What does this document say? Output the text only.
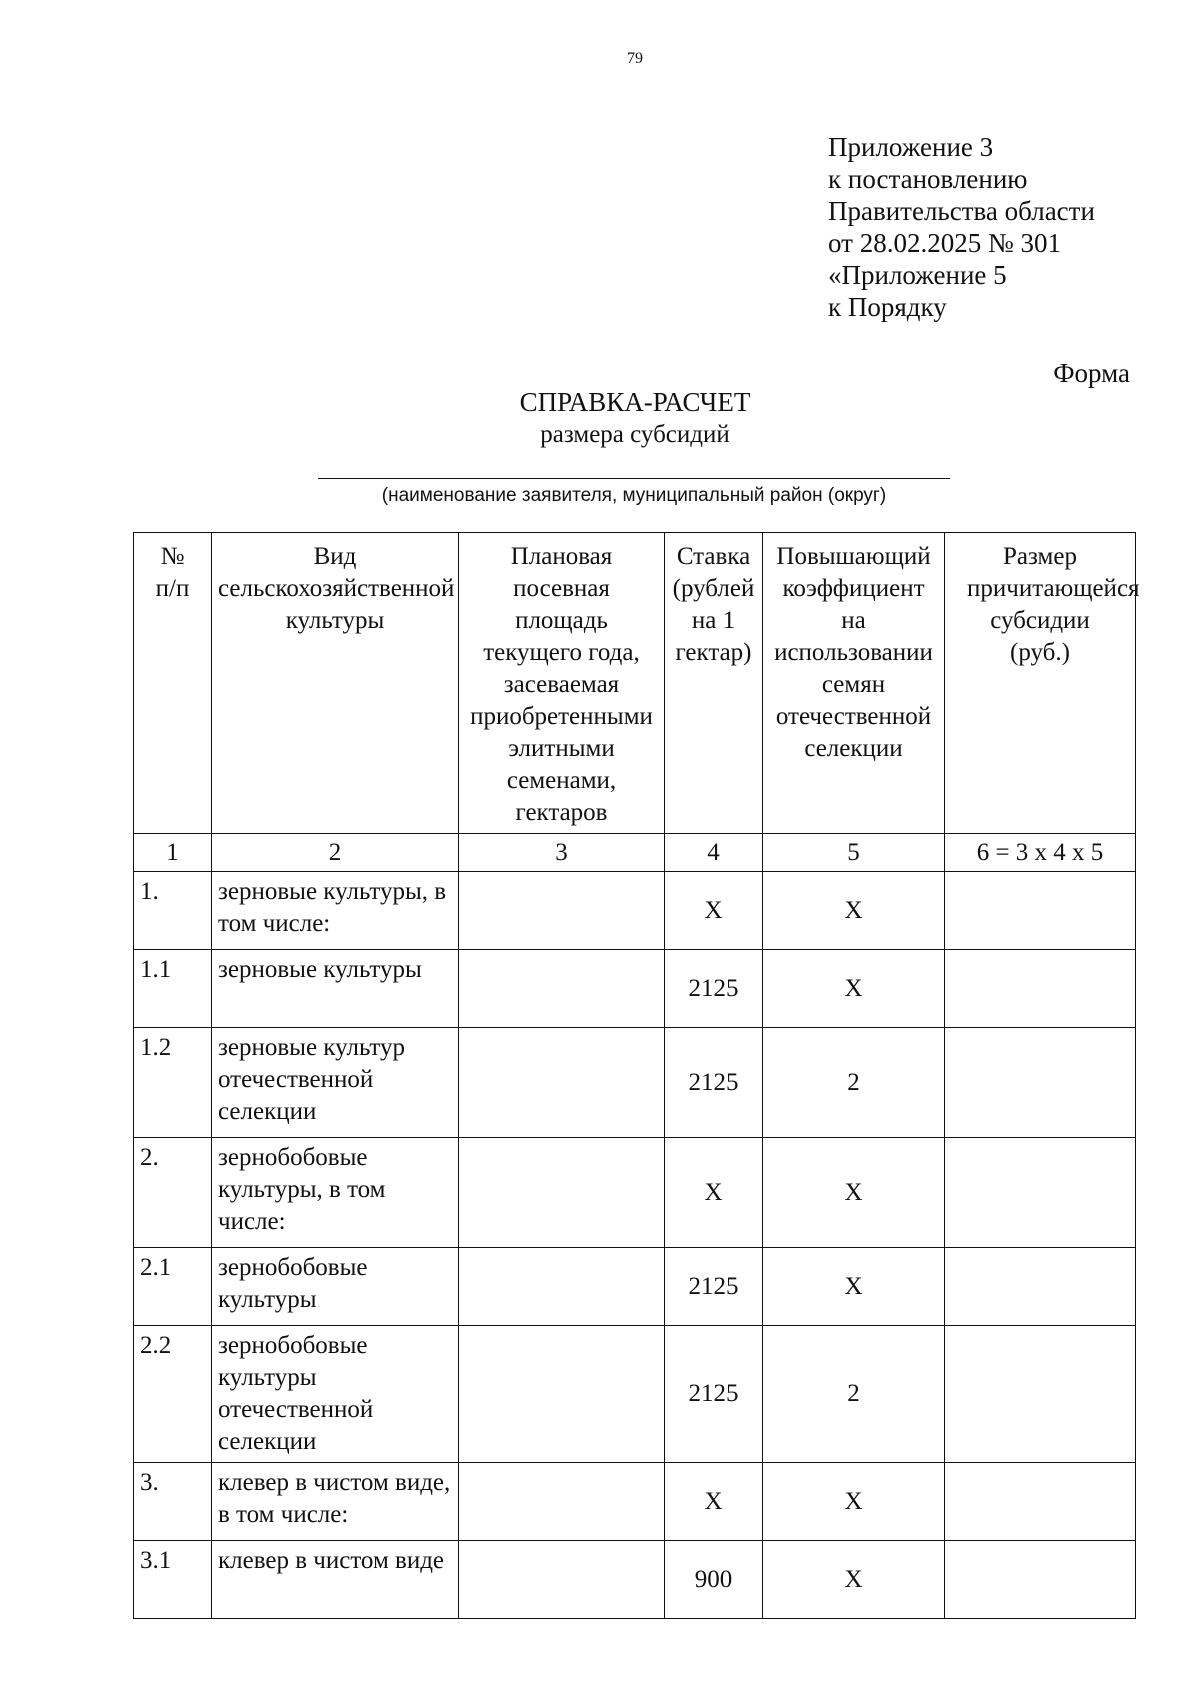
79
Приложение 3
к постановлению
Правительства области
от 28.02.2025 № 301
«Приложение 5
к Порядку
Форма
СПРАВКА-РАСЧЕТ
размера субсидий
(наименование заявителя, муниципальный район (округ)
№ п/п	Вид сельскохозяйственной культуры	Плановая посевная площадь текущего года, засеваемая приобретенными элитными семенами, гектаров	Ставка (рублей на 1 гектар)	Повышающий коэффициент на использовании семян отечественной селекции	Размер причитающейся субсидии (руб.)
1	2	3	4	5	6 = 3 x 4 x 5
1.	зерновые культуры, в том числе:		X	X	
1.1	зерновые культуры		2125	X	
1.2	зерновые культур отечественной селекции		2125	2	
2.	зернобобовые культуры, в том числе:		X	X	
2.1	зернобобовые культуры		2125	X	
2.2	зернобобовые культуры отечественной селекции		2125	2	
3.	клевер в чистом виде, в том числе:		X	X	
3.1	клевер в чистом виде		900	X	
